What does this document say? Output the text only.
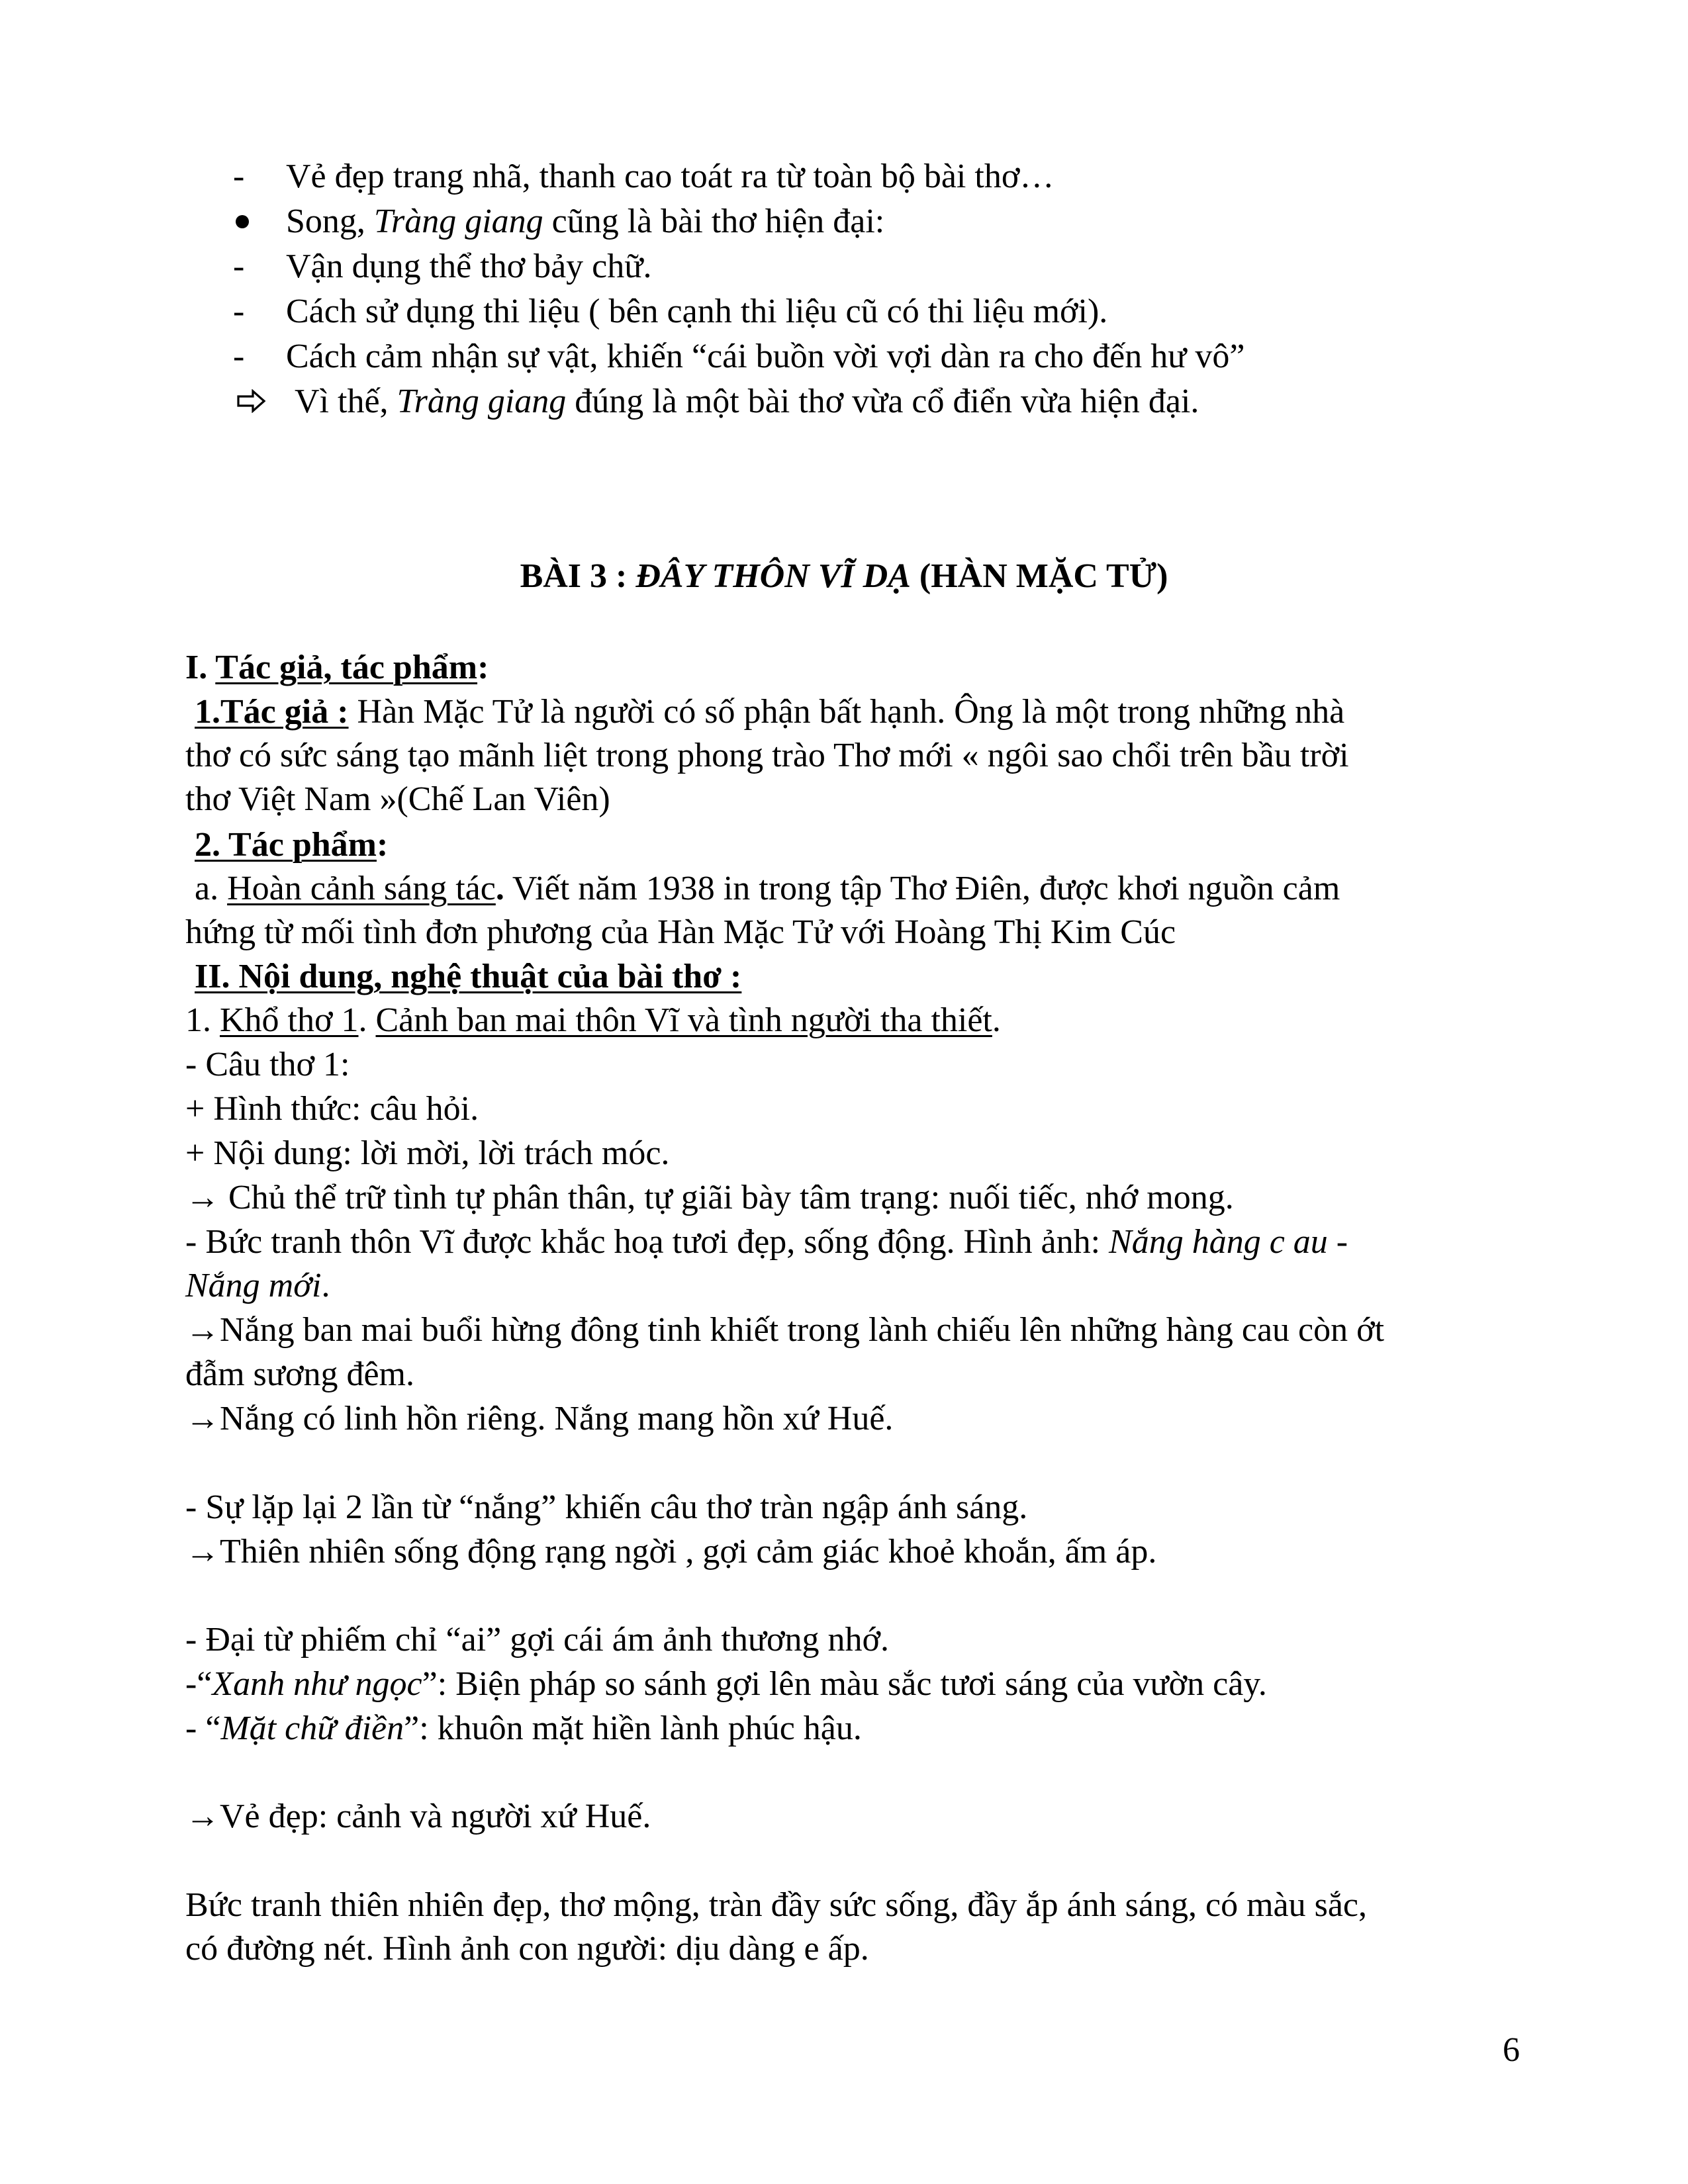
- Vẻ đẹp trang nhã, thanh cao toát ra từ toàn bộ bài thơ…
Song, Tràng giang cũng là bài thơ hiện đại:
- Vận dụng thể thơ bảy chữ.
- Cách sử dụng thi liệu ( bên cạnh thi liệu cũ có thi liệu mới).
- Cách cảm nhận sự vật, khiến “cái buồn vời vợi dàn ra cho đến hư vô”
Vì thế, Tràng giang đúng là một bài thơ vừa cổ điển vừa hiện đại.
BÀI 3 : ĐÂY THÔN VĨ DẠ (HÀN MẶC TỬ)
I. Tác giả, tác phẩm:
1.Tác giả : Hàn Mặc Tử là người có số phận bất hạnh. Ông là một trong những nhà
thơ có sức sáng tạo mãnh liệt trong phong trào Thơ mới « ngôi sao chổi trên bầu trời
thơ Việt Nam »(Chế Lan Viên)
2. Tác phẩm:
a. Hoàn cảnh sáng tác. Viết năm 1938 in trong tập Thơ Điên, được khơi nguồn cảm
hứng từ mối tình đơn phương của Hàn Mặc Tử với Hoàng Thị Kim Cúc
II. Nội dung, nghệ thuật của bài thơ :
1. Khổ thơ 1. Cảnh ban mai thôn Vĩ và tình người tha thiết.
- Câu thơ 1:
+ Hình thức: câu hỏi.
+ Nội dung: lời mời, lời trách móc.
→ Chủ thể trữ tình tự phân thân, tự giãi bày tâm trạng: nuối tiếc, nhớ mong.
- Bức tranh thôn Vĩ được khắc hoạ tươi đẹp, sống động. Hình ảnh: Nắng hàng c au -
Nắng mới.
→Nắng ban mai buổi hừng đông tinh khiết trong lành chiếu lên những hàng cau còn ớt
đẫm sương đêm.
→Nắng có linh hồn riêng. Nắng mang hồn xứ Huế.
- Sự lặp lại 2 lần từ “nắng” khiến câu thơ tràn ngập ánh sáng.
→Thiên nhiên sống động rạng ngời , gợi cảm giác khoẻ khoắn, ấm áp.
- Đại từ phiếm chỉ “ai” gợi cái ám ảnh thương nhớ.
-“Xanh như ngọc”: Biện pháp so sánh gợi lên màu sắc tươi sáng của vườn cây.
- “Mặt chữ điền”: khuôn mặt hiền lành phúc hậu.
→Vẻ đẹp: cảnh và người xứ Huế.
Bức tranh thiên nhiên đẹp, thơ mộng, tràn đầy sức sống, đầy ắp ánh sáng, có màu sắc,
có đường nét. Hình ảnh con người: dịu dàng e ấp.
6
